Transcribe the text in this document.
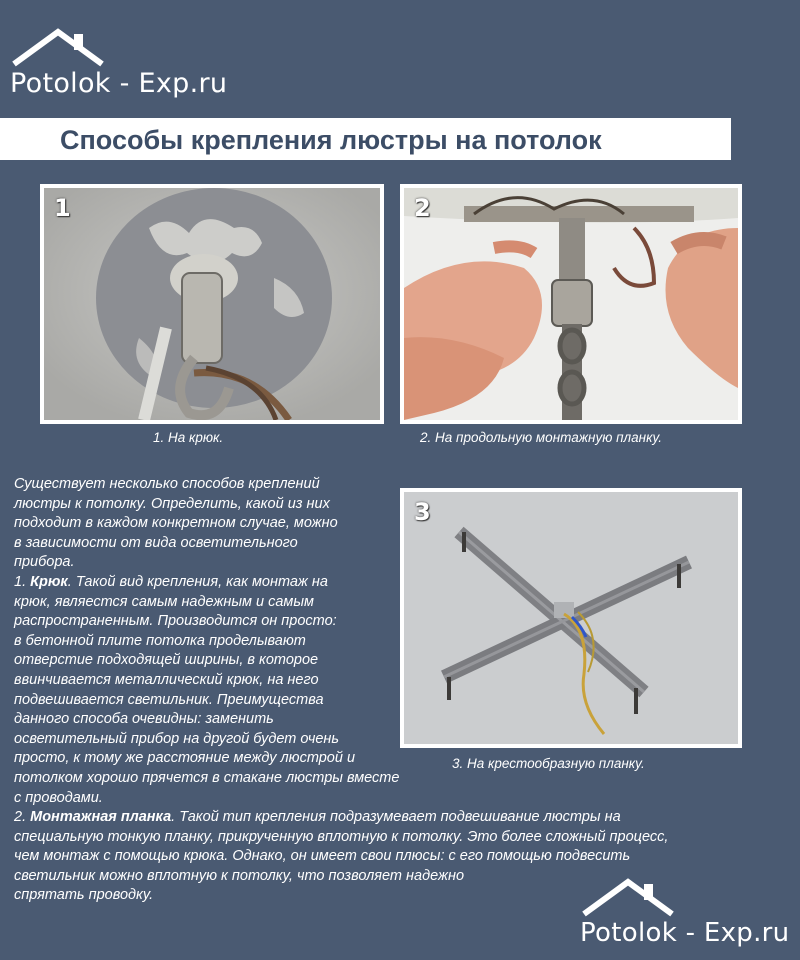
Potolok - Exp.ru
Способы крепления люстры на потолок
1	2
1. На крюк.	2. На продольную монтажную планку.
3
3. На крестообразную планку.

Существует несколько способов креплений

люстры к потолку. Определить, какой из них

подходит в каждом конкретном случае, можно

в зависимости от вида осветительного

прибора.

1. Крюк. Такой вид крепления, как монтаж на

крюк, являестся самым надежным и самым

распространенным. Производится он просто:

в бетонной плите потолка проделывают

отверстие подходящей ширины, в которое

ввинчивается металлический крюк, на него

подвешивается светильник. Преимущества

данного способа очевидны: заменить

осветительный прибор на другой будет очень

просто, к тому же расстояние между люстрой и

потолком хорошо прячется в стакане люстры вместе

с проводами.

2. Монтажная планка. Такой тип крепления подразумевает подвешивание люстры на

специальную тонкую планку, прикрученную вплотную к потолку. Это более сложный процесс,

чем монтаж с помощью крюка. Однако, он имеет свои плюсы: с его помощью подвесить

светильник можно вплотную к потолку, что позволяет надежно

спрятать проводку.

Potolok - Exp.ru
